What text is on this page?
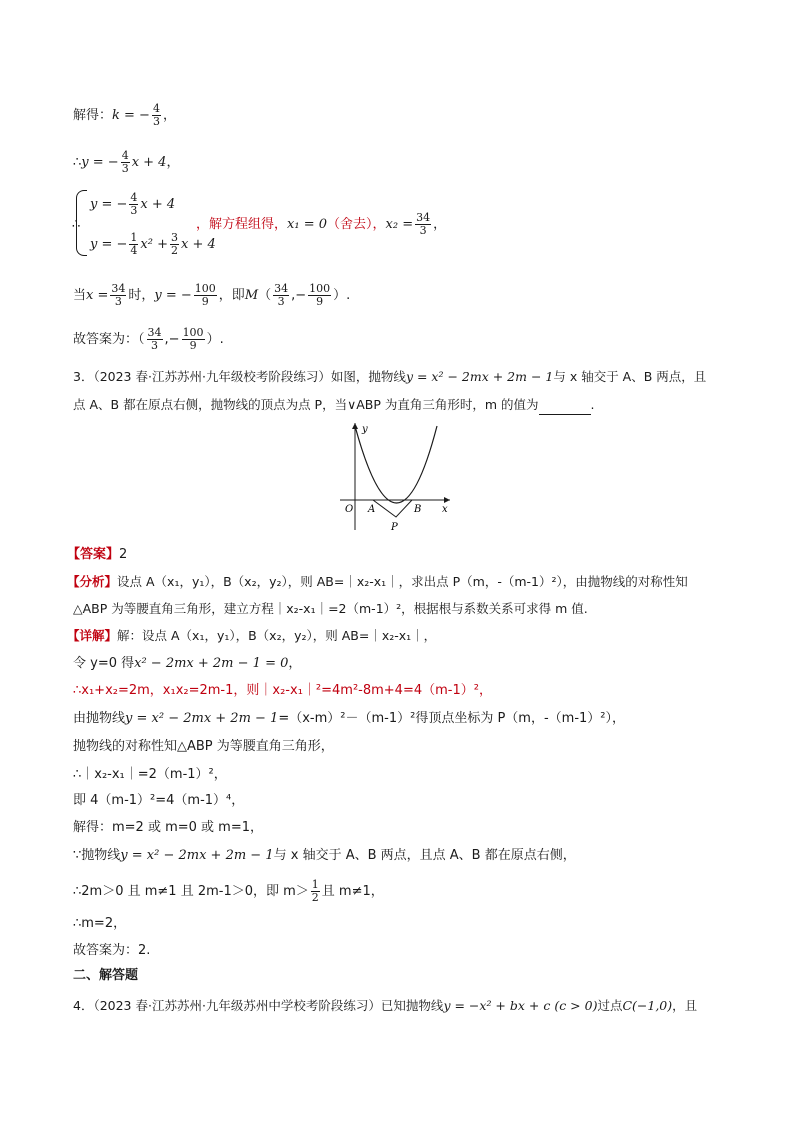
解得：k = − $\frac{4}{3}$ ，
∴y = − $\frac{4}{3}$ x + 4，
∴
y = − $\frac{4}{3}$ x + 4
y = − $\frac{1}{4} x^2 + \frac{3}{2}$ x + 4
，解方程组得，x₁ = 0（舍去），$x_2 = \frac{34}{3}$ ，
当$x = \frac{34}{3}$ 时，y = − $\frac{100}{9}$ ，即$M( \frac{34}{3}$ ,− $\frac{100}{9}$ ）.
故答案为：（ $\frac{34}{3}$ ,− $\frac{100}{9}$ ）.
3．（2023 春·江苏苏州·九年级校考阶段练习）如图，抛物线y = x² − 2mx + 2m − 1与 x 轴交于 A、B 两点，且
点 A、B 都在原点右侧，抛物线的顶点为点 P，当∨ABP 为直角三角形时，m 的值为	.
y
x
O A	B
P
【答案】2
【分析】设点 A（x₁，y₁），B（x₂，y₂），则 AB=｜x₂-x₁｜，求出点 P（m，-（m-1）²），由抛物线的对称性知
△ABP 为等腰直角三角形，建立方程｜x₂-x₁｜=2（m-1）²，根据根与系数关系可求得 m 值.
【详解】解：设点 A（x₁，y₁），B（x₂，y₂），则 AB=｜x₂-x₁｜，
令 y=0 得x² − 2mx + 2m − 1 = 0，
∴x₁+x₂=2m，x₁x₂=2m-1，则｜x₂-x₁｜²=4m²-8m+4=4（m-1）²，
由抛物线y = x² − 2mx + 2m − 1=（x-m）²－（m-1）²得顶点坐标为 P（m，-（m-1）²），
抛物线的对称性知△ABP 为等腰直角三角形，
∴｜x₂-x₁｜=2（m-1）²，
即 4（m-1）²=4（m-1）⁴，
解得：m=2 或 m=0 或 m=1，
∵抛物线y = x² − 2mx + 2m − 1与 x 轴交于 A、B 两点，且点 A、B 都在原点右侧，
∴2m＞0 且 m≠1 且 2m-1＞0，即 $m> \frac{1}{2}$ 且 m≠1，
∴m=2，
故答案为：2.
二、解答题
4．（2023 春·江苏苏州·九年级苏州中学校考阶段练习）已知抛物线y = −x² + bx + c (c > 0)过点C(−1,0)，且
